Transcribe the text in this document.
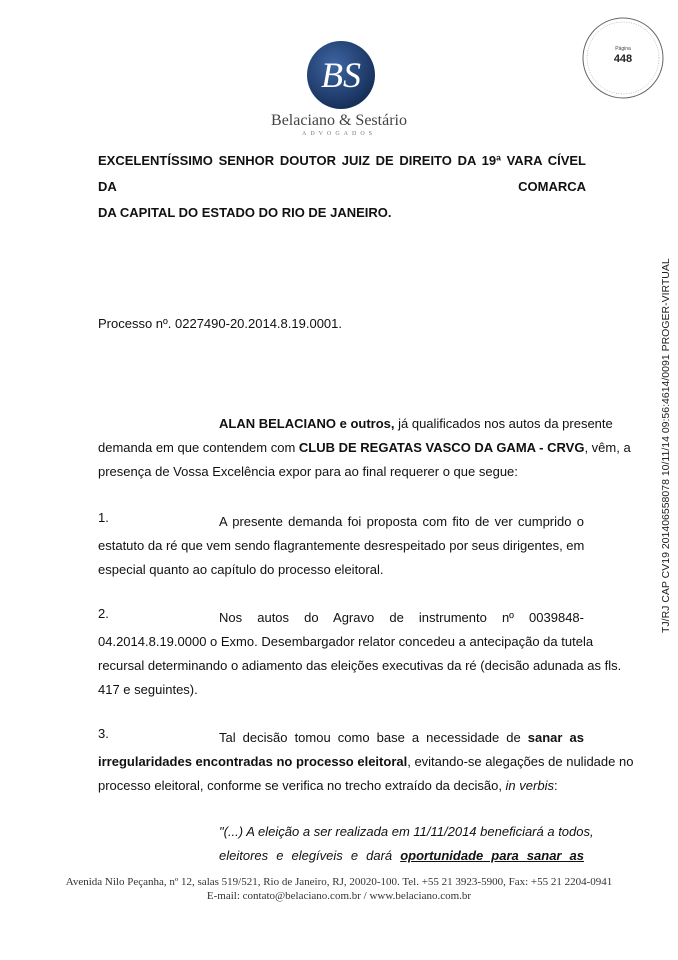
BS
Belaciano & Sestário
ADVOGADOS
Página
448
TJ/RJ CAP CV19 201406558078 10/11/14 09:56:4614/0091 PROGER-VIRTUAL
EXCELENTÍSSIMO SENHOR DOUTOR JUIZ DE DIREITO DA 19ª VARA CÍVEL DA COMARCA
DA CAPITAL DO ESTADO DO RIO DE JANEIRO.
Processo nº. 0227490-20.2014.8.19.0001.
ALAN BELACIANO e outros, já qualificados nos autos da presente
demanda em que contendem com CLUB DE REGATAS VASCO DA GAMA - CRVG, vêm, a
presença de Vossa Excelência expor para ao final requerer o que segue:
1.	A presente demanda foi proposta com fito de ver cumprido o
estatuto da ré que vem sendo flagrantemente desrespeitado por seus dirigentes, em
especial quanto ao capítulo do processo eleitoral.
2.	Nos autos do Agravo de instrumento nº 0039848-
04.2014.8.19.0000 o Exmo. Desembargador relator concedeu a antecipação da tutela
recursal determinando o adiamento das eleições executivas da ré (decisão adunada as fls.
417 e seguintes).
3.	Tal decisão tomou como base a necessidade de sanar as
irregularidades encontradas no processo eleitoral, evitando-se alegações de nulidade no
processo eleitoral, conforme se verifica no trecho extraído da decisão, in verbis:
"(...) A eleição a ser realizada em 11/11/2014 beneficiará a todos,
eleitores e elegíveis e dará oportunidade para sanar as
Avenida Nilo Peçanha, nº 12, salas 519/521, Rio de Janeiro, RJ, 20020-100. Tel. +55 21 3923-5900, Fax: +55 21 2204-0941
E-mail: contato@belaciano.com.br / www.belaciano.com.br
